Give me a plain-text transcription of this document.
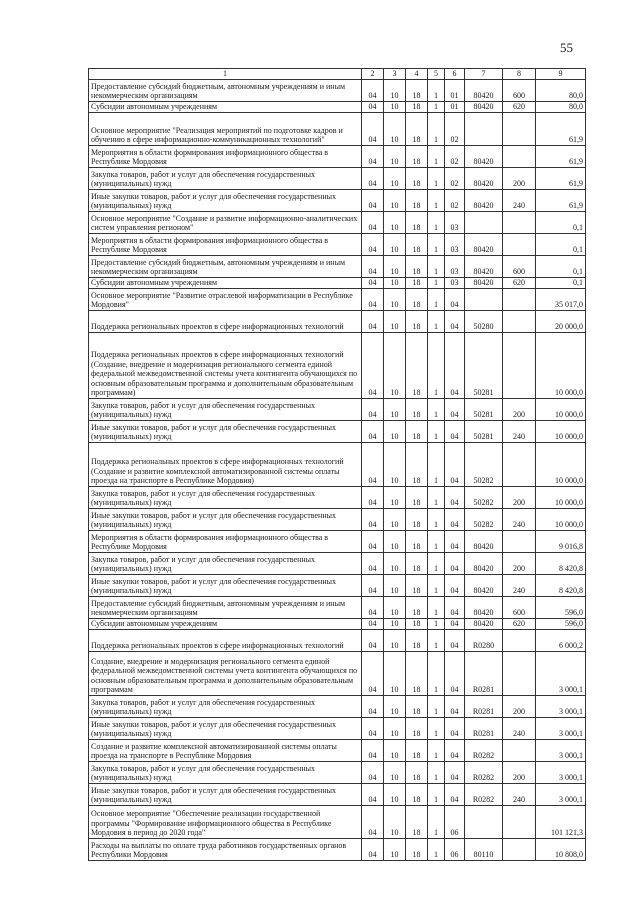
55
1	2	3	4	5	6	7	8	9
Предоставление субсидий бюджетным, автономным учреждениям и иным некоммерческим организациям	04	10	18	1	01	80420	600	80,0
Субсидии автономным учреждениям	04	10	18	1	01	80420	620	80,0
Основное мероприятие "Реализация мероприятий по подготовке кадров и обучению в сфере информационно-коммуникационных технологий"	04	10	18	1	02			61,9
Мероприятия в области формирования информационного общества в Республике Мордовия	04	10	18	1	02	80420		61,9
Закупка товаров, работ и услуг для обеспечения государственных (муниципальных) нужд	04	10	18	1	02	80420	200	61,9
Иные закупки товаров, работ и услуг для обеспечения государственных (муниципальных) нужд	04	10	18	1	02	80420	240	61,9
Основное мероприятие "Создание и развитие информационно-аналитических систем управления регионом"	04	10	18	1	03			0,1
Мероприятия в области формирования информационного общества в Республике Мордовия	04	10	18	1	03	80420		0,1
Предоставление субсидий бюджетным, автономным учреждениям и иным некоммерческим организациям	04	10	18	1	03	80420	600	0,1
Субсидии автономным учреждениям	04	10	18	1	03	80420	620	0,1
Основное мероприятие "Развитие отраслевой информатизации в Республике Мордовия"	04	10	18	1	04			35 017,0
Поддержка региональных проектов в сфере информационных технологий	04	10	18	1	04	50280		20 000,0
Поддержка региональных проектов в сфере информационных технологий (Создание, внедрение и модернизация регионального сегмента единой федеральной межведомственной системы учета контингента обучающихся по основным образовательным программа и дополнительным образовательным программам)	04	10	18	1	04	50281		10 000,0
Закупка товаров, работ и услуг для обеспечения государственных (муниципальных) нужд	04	10	18	1	04	50281	200	10 000,0
Иные закупки товаров, работ и услуг для обеспечения государственных (муниципальных) нужд	04	10	18	1	04	50281	240	10 000,0
Поддержка региональных проектов в сфере информационных технологий (Создание и развитие комплексной автоматизированной системы оплаты проезда на транспорте в Республике Мордовия)	04	10	18	1	04	50282		10 000,0
Закупка товаров, работ и услуг для обеспечения государственных (муниципальных) нужд	04	10	18	1	04	50282	200	10 000,0
Иные закупки товаров, работ и услуг для обеспечения государственных (муниципальных) нужд	04	10	18	1	04	50282	240	10 000,0
Мероприятия в области формирования информационного общества в Республике Мордовия	04	10	18	1	04	80420		9 016,8
Закупка товаров, работ и услуг для обеспечения государственных (муниципальных) нужд	04	10	18	1	04	80420	200	8 420,8
Иные закупки товаров, работ и услуг для обеспечения государственных (муниципальных) нужд	04	10	18	1	04	80420	240	8 420,8
Предоставление субсидий бюджетным, автономным учреждениям и иным некоммерческим организациям	04	10	18	1	04	80420	600	596,0
Субсидии автономным учреждениям	04	10	18	1	04	80420	620	596,0
Поддержка региональных проектов в сфере информационных технологий	04	10	18	1	04	R0280		6 000,2
Создание, внедрение и модернизация регионального сегмента единой федеральной межведомственной системы учета контингента обучающихся по основным образовательным программа и дополнительным образовательным программам	04	10	18	1	04	R0281		3 000,1
Закупка товаров, работ и услуг для обеспечения государственных (муниципальных) нужд	04	10	18	1	04	R0281	200	3 000,1
Иные закупки товаров, работ и услуг для обеспечения государственных (муниципальных) нужд	04	10	18	1	04	R0281	240	3 000,1
Создание и развитие комплексной автоматизированной системы оплаты проезда на транспорте в Республике Мордовия	04	10	18	1	04	R0282		3 000,1
Закупка товаров, работ и услуг для обеспечения государственных (муниципальных) нужд	04	10	18	1	04	R0282	200	3 000,1
Иные закупки товаров, работ и услуг для обеспечения государственных (муниципальных) нужд	04	10	18	1	04	R0282	240	3 000,1
Основное мероприятие "Обеспечение реализации государственной программы "Формирование информационного общества в Республике Мордовия в период до 2020 года"	04	10	18	1	06			101 121,3
Расходы на выплаты по оплате труда работников государственных органов Республики Мордовия	04	10	18	1	06	80110		10 808,0
